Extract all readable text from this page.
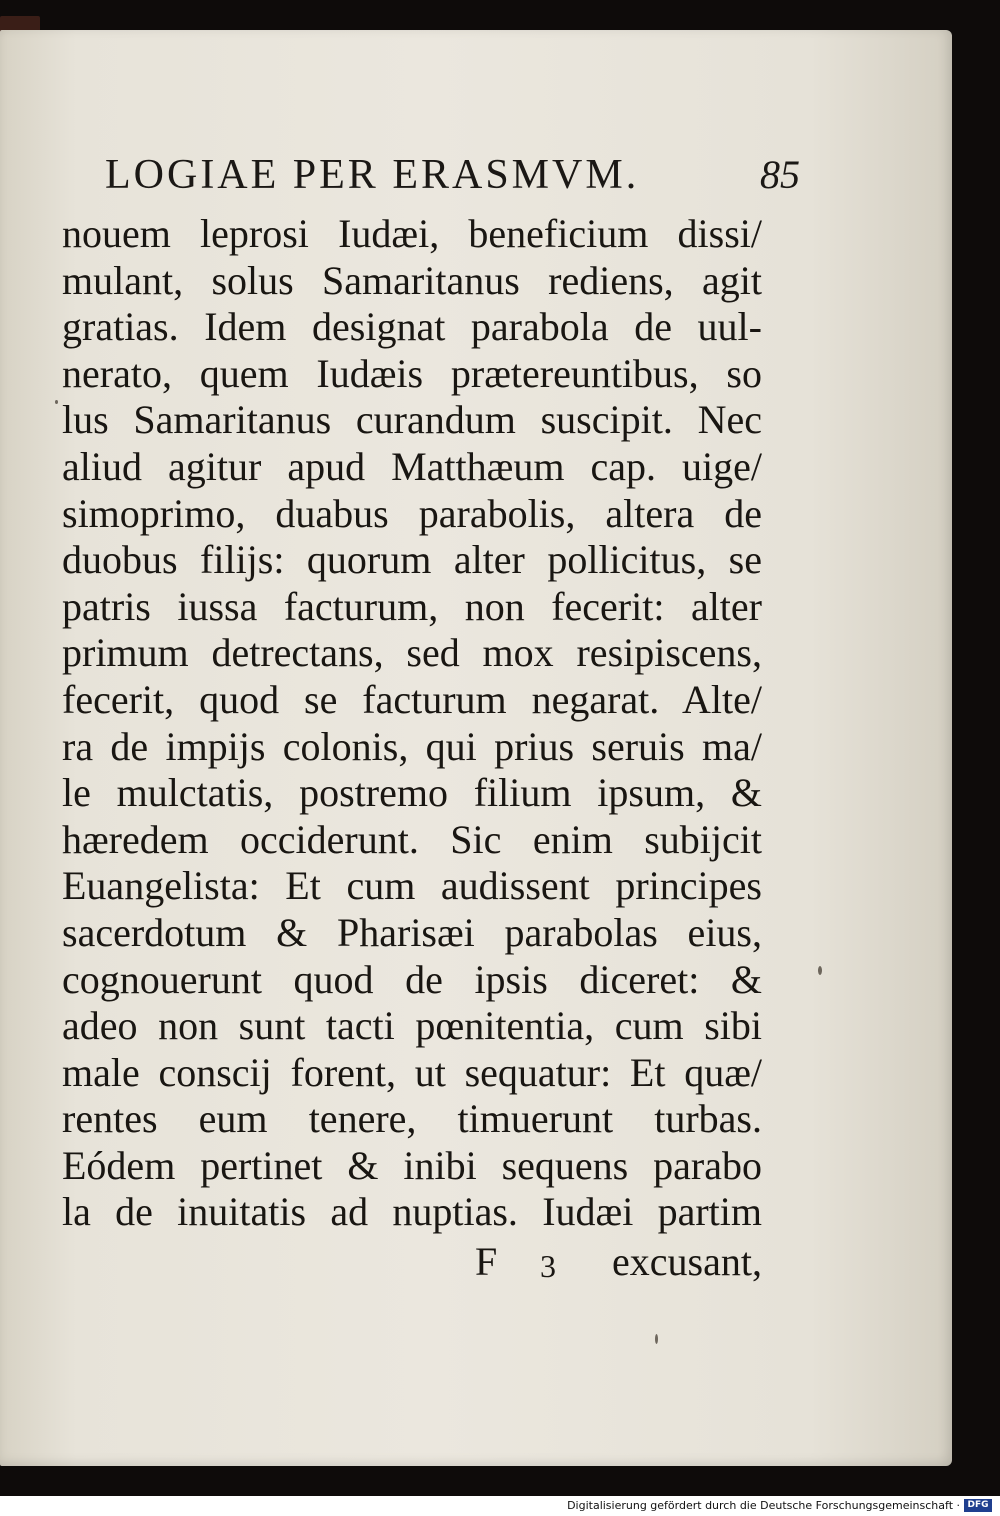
LOGIAE PER ERASMVM.	85
nouem leprosi Iudæi, beneficium dissi/
mulant, solus Samaritanus rediens, agit
gratias. Idem designat parabola de uul-
nerato, quem Iudæis prætereuntibus, so
lus Samaritanus curandum suscipit. Nec
aliud agitur apud Matthæum cap. uige/
simoprimo, duabus parabolis, altera de
duobus filijs: quorum alter pollicitus, se
patris iussa facturum, non fecerit: alter
primum detrectans, sed mox resipiscens,
fecerit, quod se facturum negarat. Alte/
ra de impijs colonis, qui prius seruis ma/
le mulctatis, postremo filium ipsum, &
hæredem occiderunt. Sic enim subijcit
Euangelista: Et cum audissent principes
sacerdotum & Pharisæi parabolas eius,
cognouerunt quod de ipsis diceret: &
adeo non sunt tacti pœnitentia, cum sibi
male conscij forent, ut sequatur: Et quæ/
rentes eum tenere, timuerunt turbas.
Eódem pertinet & inibi sequens parabo
la de inuitatis ad nuptias. Iudæi partim
F 3 excusant,
Digitalisierung gefördert durch die Deutsche Forschungsgemeinschaft · DFG
